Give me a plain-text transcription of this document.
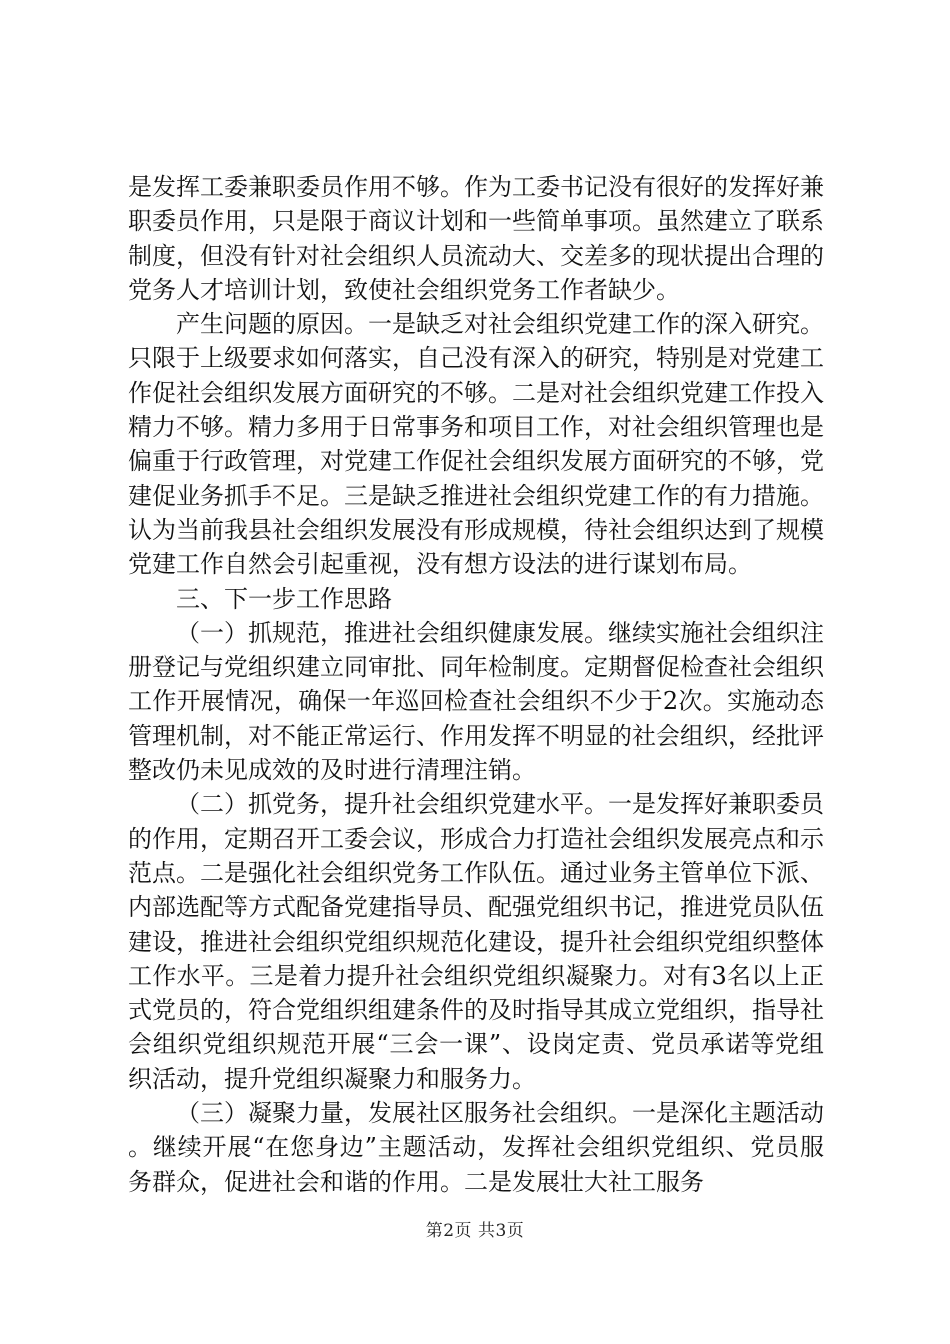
是发挥工委兼职委员作用不够。作为工委书记没有很好的发挥好兼职委员作用，只是限于商议计划和一些简单事项。虽然建立了联系制度，但没有针对社会组织人员流动大、交差多的现状提出合理的党务人才培训计划，致使社会组织党务工作者缺少。

产生问题的原因。一是缺乏对社会组织党建工作的深入研究。只限于上级要求如何落实，自己没有深入的研究，特别是对党建工作促社会组织发展方面研究的不够。二是对社会组织党建工作投入精力不够。精力多用于日常事务和项目工作，对社会组织管理也是偏重于行政管理，对党建工作促社会组织发展方面研究的不够，党建促业务抓手不足。三是缺乏推进社会组织党建工作的有力措施。认为当前我县社会组织发展没有形成规模，待社会组织达到了规模党建工作自然会引起重视，没有想方设法的进行谋划布局。

三、下一步工作思路

（一）抓规范，推进社会组织健康发展。继续实施社会组织注册登记与党组织建立同审批、同年检制度。定期督促检查社会组织工作开展情况，确保一年巡回检查社会组织不少于2次。实施动态管理机制，对不能正常运行、作用发挥不明显的社会组织，经批评整改仍未见成效的及时进行清理注销。

（二）抓党务，提升社会组织党建水平。一是发挥好兼职委员的作用，定期召开工委会议，形成合力打造社会组织发展亮点和示范点。二是强化社会组织党务工作队伍。通过业务主管单位下派、内部选配等方式配备党建指导员、配强党组织书记，推进党员队伍建设，推进社会组织党组织规范化建设，提升社会组织党组织整体工作水平。三是着力提升社会组织党组织凝聚力。对有3名以上正式党员的，符合党组织组建条件的及时指导其成立党组织，指导社会组织党组织规范开展“三会一课”、设岗定责、党员承诺等党组织活动，提升党组织凝聚力和服务力。

（三）凝聚力量，发展社区服务社会组织。一是深化主题活动。继续开展“在您身边”主题活动，发挥社会组织党组织、党员服务群众，促进社会和谐的作用。二是发展壮大社工服务

第2页 共3页
